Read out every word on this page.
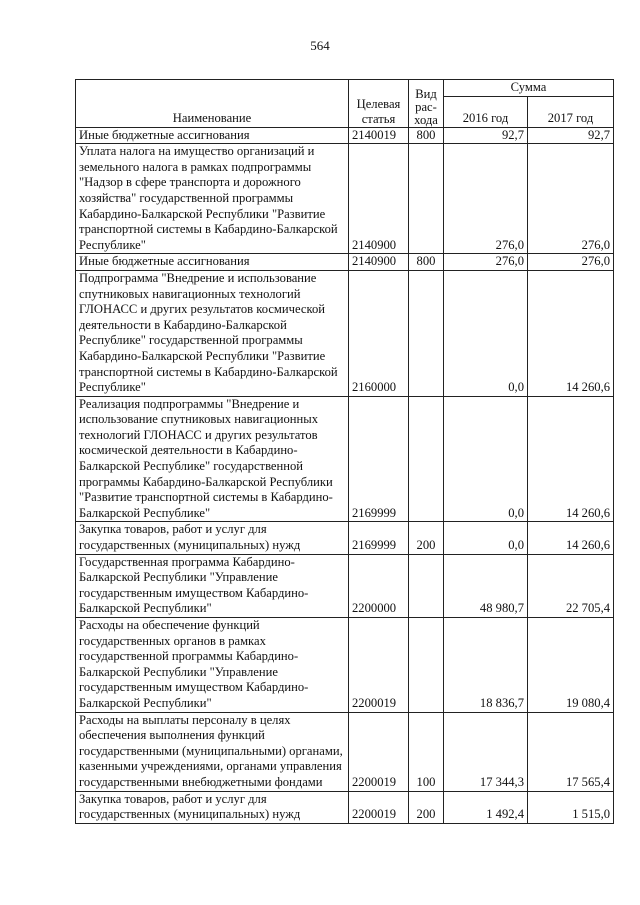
564
Наименование	Целевая статья	Вид рас-хода	Сумма	
			2016 год	2017 год
Иные бюджетные ассигнования	2140019	800	92,7	92,7
Уплата налога на имущество организаций и земельного налога в рамках подпрограммы "Надзор в сфере транспорта и дорожного хозяйства" государственной программы Кабардино-Балкарской Республики "Развитие транспортной системы в Кабардино-Балкарской Республике"	2140900		276,0	276,0
Иные бюджетные ассигнования	2140900	800	276,0	276,0
Подпрограмма "Внедрение и использование спутниковых навигационных технологий ГЛОНАСС и других результатов космической деятельности в Кабардино-Балкарской Республике" государственной программы Кабардино-Балкарской Республики "Развитие транспортной системы в Кабардино-Балкарской Республике"	2160000		0,0	14 260,6
Реализация подпрограммы "Внедрение и использование спутниковых навигационных технологий ГЛОНАСС и других результатов космической деятельности в Кабардино-Балкарской Республике" государственной программы Кабардино-Балкарской Республики "Развитие транспортной системы в Кабардино-Балкарской Республике"	2169999		0,0	14 260,6
Закупка товаров, работ и услуг для государственных (муниципальных) нужд	2169999	200	0,0	14 260,6
Государственная программа Кабардино-Балкарской Республики "Управление государственным имуществом Кабардино-Балкарской Республики"	2200000		48 980,7	22 705,4
Расходы на обеспечение функций государственных органов в рамках государственной программы Кабардино-Балкарской Республики "Управление государственным имуществом Кабардино-Балкарской Республики"	2200019		18 836,7	19 080,4
Расходы на выплаты персоналу в целях обеспечения выполнения функций государственными (муниципальными) органами, казенными учреждениями, органами управления государственными внебюджетными фондами	2200019	100	17 344,3	17 565,4
Закупка товаров, работ и услуг для государственных (муниципальных) нужд	2200019	200	1 492,4	1 515,0
